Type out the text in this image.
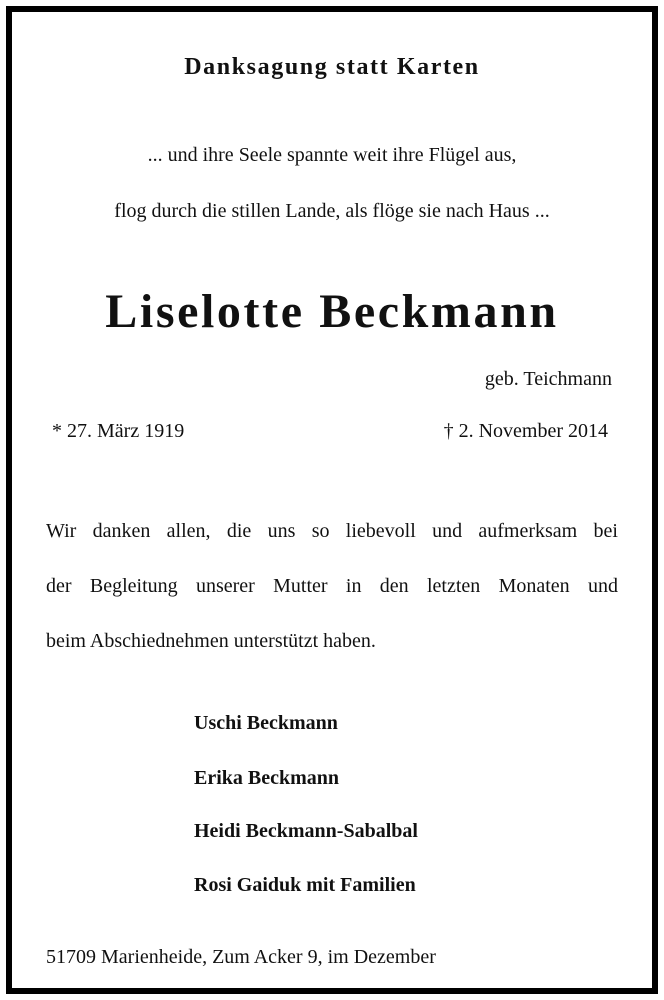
Danksagung statt Karten
... und ihre Seele spannte weit ihre Flügel aus,
flog durch die stillen Lande, als flöge sie nach Haus ...
Liselotte Beckmann
geb. Teichmann
* 27. März 1919	† 2. November 2014
Wir danken allen, die uns so liebevoll und aufmerksam bei
der Begleitung unserer Mutter in den letzten Monaten und
beim Abschiednehmen unterstützt haben.
Uschi Beckmann
Erika Beckmann
Heidi Beckmann-Sabalbal
Rosi Gaiduk mit Familien
51709 Marienheide, Zum Acker 9, im Dezember
